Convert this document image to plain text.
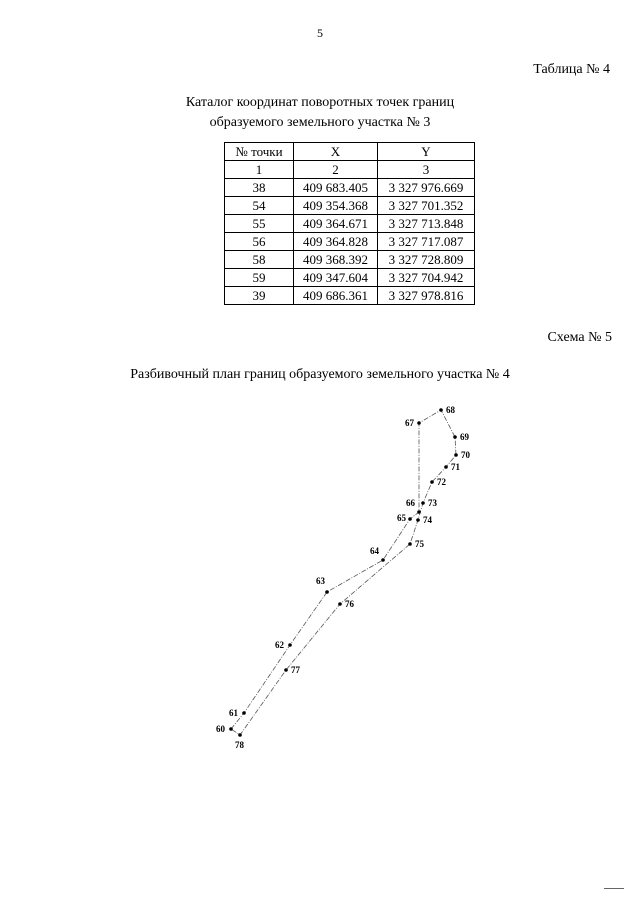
5
Таблица № 4
Каталог координат поворотных точек границ
образуемого земельного участка № 3
№ точки	X	Y
1	2	3
38	409 683.405	3 327 976.669
54	409 354.368	3 327 701.352
55	409 364.671	3 327 713.848
56	409 364.828	3 327 717.087
58	409 368.392	3 327 728.809
59	409 347.604	3 327 704.942
39	409 686.361	3 327 978.816
Схема № 5
Разбивочный план границ образуемого земельного участка № 4
60
61
62
63
64
65
66
67
68
69
70
71
72
73
74
75
76
77
78
